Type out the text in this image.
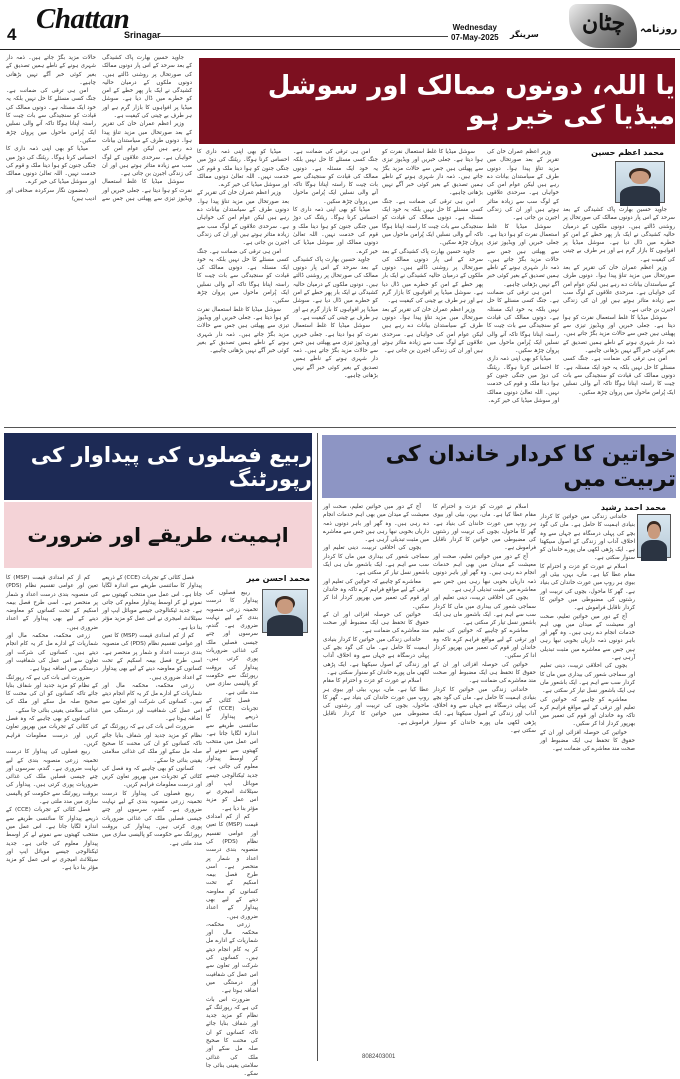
4 Chattan
Srinagar
Wednesday
07-May-2025 سرینگر چٹان روزنامہ
یا اللہ، دونوں ممالک اور سوشل میڈیا کی خیر ہو
محمد اعظم حسین

جاوید حسین بھارت پاک کشیدگی کے بعد سرحد کے اس پار دونوں ممالک کی صورتحال پر روشنی ڈالتے ہیں۔ دونوں ملکوں کے درمیان حالیہ کشیدگی نے ایک بار پھر خطے کے امن کو خطرے میں ڈال دیا ہے۔ سوشل میڈیا پر افواہوں کا بازار گرم ہے اور ہر طرف بے چینی کی کیفیت ہے۔

وزیر اعظم عمران خان کی تقریر کے بعد صورتحال میں مزید تناؤ پیدا ہوا۔ دونوں طرف کے سیاستدان بیانات دے رہے ہیں لیکن عوام امن کی خواہاں ہے۔ سرحدی علاقوں کے لوگ سب سے زیادہ متاثر ہوتے ہیں اور ان کی زندگی اجیرن بن جاتی ہے۔

سوشل میڈیا کا غلط استعمال نفرت کو ہوا دیتا ہے۔ جعلی خبریں اور ویڈیوز تیزی سے پھیلتی ہیں جس سے حالات مزید بگڑ جاتے ہیں۔ ذمہ دار شہری ہونے کے ناطے ہمیں تصدیق کے بغیر کوئی خبر آگے نہیں بڑھانی چاہیے۔

امن ہی ترقی کی ضمانت ہے۔ جنگ کسی مسئلے کا حل نہیں بلکہ یہ خود ایک مسئلہ ہے۔ دونوں ممالک کی قیادت کو سنجیدگی سے بات چیت کا راستہ اپنانا ہوگا تاکہ آنے والی نسلیں ایک پُرامن ماحول میں پروان چڑھ سکیں۔

وزیر اعظم عمران خان کی تقریر کے بعد صورتحال میں مزید تناؤ پیدا ہوا۔ دونوں طرف کے سیاستدان بیانات دے رہے ہیں لیکن عوام امن کی خواہاں ہے۔ سرحدی علاقوں کے لوگ سب سے زیادہ متاثر ہوتے ہیں اور ان کی زندگی اجیرن بن جاتی ہے۔

سوشل میڈیا کا غلط استعمال نفرت کو ہوا دیتا ہے۔ جعلی خبریں اور ویڈیوز تیزی سے پھیلتی ہیں جس سے حالات مزید بگڑ جاتے ہیں۔ ذمہ دار شہری ہونے کے ناطے ہمیں تصدیق کے بغیر کوئی خبر آگے نہیں بڑھانی چاہیے۔

امن ہی ترقی کی ضمانت ہے۔ جنگ کسی مسئلے کا حل نہیں بلکہ یہ خود ایک مسئلہ ہے۔ دونوں ممالک کی قیادت کو سنجیدگی سے بات چیت کا راستہ اپنانا ہوگا تاکہ آنے والی نسلیں ایک پُرامن ماحول میں پروان چڑھ سکیں۔

میڈیا کو بھی اپنی ذمہ داری کا احساس کرنا ہوگا۔ ریٹنگ کی دوڑ میں جنگی جنون کو ہوا دینا ملک و قوم کی خدمت نہیں۔ اللہ تعالیٰ دونوں ممالک اور سوشل میڈیا کی خیر کرے۔

سوشل میڈیا کا غلط استعمال نفرت کو ہوا دیتا ہے۔ جعلی خبریں اور ویڈیوز تیزی سے پھیلتی ہیں جس سے حالات مزید بگڑ جاتے ہیں۔ ذمہ دار شہری ہونے کے ناطے ہمیں تصدیق کے بغیر کوئی خبر آگے نہیں بڑھانی چاہیے۔

امن ہی ترقی کی ضمانت ہے۔ جنگ کسی مسئلے کا حل نہیں بلکہ یہ خود ایک مسئلہ ہے۔ دونوں ممالک کی قیادت کو سنجیدگی سے بات چیت کا راستہ اپنانا ہوگا تاکہ آنے والی نسلیں ایک پُرامن ماحول میں پروان چڑھ سکیں۔

جاوید حسین بھارت پاک کشیدگی کے بعد سرحد کے اس پار دونوں ممالک کی صورتحال پر روشنی ڈالتے ہیں۔ دونوں ملکوں کے درمیان حالیہ کشیدگی نے ایک بار پھر خطے کے امن کو خطرے میں ڈال دیا ہے۔ سوشل میڈیا پر افواہوں کا بازار گرم ہے اور ہر طرف بے چینی کی کیفیت ہے۔

وزیر اعظم عمران خان کی تقریر کے بعد صورتحال میں مزید تناؤ پیدا ہوا۔ دونوں طرف کے سیاستدان بیانات دے رہے ہیں لیکن عوام امن کی خواہاں ہے۔ سرحدی علاقوں کے لوگ سب سے زیادہ متاثر ہوتے ہیں اور ان کی زندگی اجیرن بن جاتی ہے۔

امن ہی ترقی کی ضمانت ہے۔ جنگ کسی مسئلے کا حل نہیں بلکہ یہ خود ایک مسئلہ ہے۔ دونوں ممالک کی قیادت کو سنجیدگی سے بات چیت کا راستہ اپنانا ہوگا تاکہ آنے والی نسلیں ایک پُرامن ماحول میں پروان چڑھ سکیں۔

میڈیا کو بھی اپنی ذمہ داری کا احساس کرنا ہوگا۔ ریٹنگ کی دوڑ میں جنگی جنون کو ہوا دینا ملک و قوم کی خدمت نہیں۔ اللہ تعالیٰ دونوں ممالک اور سوشل میڈیا کی خیر کرے۔

جاوید حسین بھارت پاک کشیدگی کے بعد سرحد کے اس پار دونوں ممالک کی صورتحال پر روشنی ڈالتے ہیں۔ دونوں ملکوں کے درمیان حالیہ کشیدگی نے ایک بار پھر خطے کے امن کو خطرے میں ڈال دیا ہے۔ سوشل میڈیا پر افواہوں کا بازار گرم ہے اور ہر طرف بے چینی کی کیفیت ہے۔

سوشل میڈیا کا غلط استعمال نفرت کو ہوا دیتا ہے۔ جعلی خبریں اور ویڈیوز تیزی سے پھیلتی ہیں جس سے حالات مزید بگڑ جاتے ہیں۔ ذمہ دار شہری ہونے کے ناطے ہمیں تصدیق کے بغیر کوئی خبر آگے نہیں بڑھانی چاہیے۔

میڈیا کو بھی اپنی ذمہ داری کا احساس کرنا ہوگا۔ ریٹنگ کی دوڑ میں جنگی جنون کو ہوا دینا ملک و قوم کی خدمت نہیں۔ اللہ تعالیٰ دونوں ممالک اور سوشل میڈیا کی خیر کرے۔

وزیر اعظم عمران خان کی تقریر کے بعد صورتحال میں مزید تناؤ پیدا ہوا۔ دونوں طرف کے سیاستدان بیانات دے رہے ہیں لیکن عوام امن کی خواہاں ہے۔ سرحدی علاقوں کے لوگ سب سے زیادہ متاثر ہوتے ہیں اور ان کی زندگی اجیرن بن جاتی ہے۔

امن ہی ترقی کی ضمانت ہے۔ جنگ کسی مسئلے کا حل نہیں بلکہ یہ خود ایک مسئلہ ہے۔ دونوں ممالک کی قیادت کو سنجیدگی سے بات چیت کا راستہ اپنانا ہوگا تاکہ آنے والی نسلیں ایک پُرامن ماحول میں پروان چڑھ سکیں۔

سوشل میڈیا کا غلط استعمال نفرت کو ہوا دیتا ہے۔ جعلی خبریں اور ویڈیوز تیزی سے پھیلتی ہیں جس سے حالات مزید بگڑ جاتے ہیں۔ ذمہ دار شہری ہونے کے ناطے ہمیں تصدیق کے بغیر کوئی خبر آگے نہیں بڑھانی چاہیے۔

جاوید حسین بھارت پاک کشیدگی کے بعد سرحد کے اس پار دونوں ممالک کی صورتحال پر روشنی ڈالتے ہیں۔ دونوں ملکوں کے درمیان حالیہ کشیدگی نے ایک بار پھر خطے کے امن کو خطرے میں ڈال دیا ہے۔ سوشل میڈیا پر افواہوں کا بازار گرم ہے اور ہر طرف بے چینی کی کیفیت ہے۔

وزیر اعظم عمران خان کی تقریر کے بعد صورتحال میں مزید تناؤ پیدا ہوا۔ دونوں طرف کے سیاستدان بیانات دے رہے ہیں لیکن عوام امن کی خواہاں ہے۔ سرحدی علاقوں کے لوگ سب سے زیادہ متاثر ہوتے ہیں اور ان کی زندگی اجیرن بن جاتی ہے۔

سوشل میڈیا کا غلط استعمال نفرت کو ہوا دیتا ہے۔ جعلی خبریں اور ویڈیوز تیزی سے پھیلتی ہیں جس سے حالات مزید بگڑ جاتے ہیں۔ ذمہ دار شہری ہونے کے ناطے ہمیں تصدیق کے بغیر کوئی خبر آگے نہیں بڑھانی چاہیے۔

امن ہی ترقی کی ضمانت ہے۔ جنگ کسی مسئلے کا حل نہیں بلکہ یہ خود ایک مسئلہ ہے۔ دونوں ممالک کی قیادت کو سنجیدگی سے بات چیت کا راستہ اپنانا ہوگا تاکہ آنے والی نسلیں ایک پُرامن ماحول میں پروان چڑھ سکیں۔

میڈیا کو بھی اپنی ذمہ داری کا احساس کرنا ہوگا۔ ریٹنگ کی دوڑ میں جنگی جنون کو ہوا دینا ملک و قوم کی خدمت نہیں۔ اللہ تعالیٰ دونوں ممالک اور سوشل میڈیا کی خیر کرے۔

(مضمون نگار سرکردہ صحافی اور ادیب ہیں)

خواتین کا کردار خاندان کی تربیت میں
محمد احمد رشید

خاندانی زندگی میں خواتین کا کردار بنیادی اہمیت کا حامل ہے۔ ماں کی گود بچے کی پہلی درسگاہ ہے جہاں سے وہ اخلاق، آداب اور زندگی کے اصول سیکھتا ہے۔ ایک پڑھی لکھی ماں پورے خاندان کو سنوار سکتی ہے۔

اسلام نے عورت کو عزت و احترام کا مقام عطا کیا ہے۔ ماں، بہن، بیٹی اور بیوی ہر روپ میں عورت خاندان کی بنیاد ہے۔ گھر کا ماحول، بچوں کی تربیت اور رشتوں کی مضبوطی میں خواتین کا کردار ناقابل فراموش ہے۔

آج کے دور میں خواتین تعلیم، صحت اور معیشت کے میدان میں بھی اہم خدمات انجام دے رہی ہیں۔ وہ گھر اور باہر دونوں ذمہ داریاں بخوبی نبھا رہی ہیں جس سے معاشرے میں مثبت تبدیلی آرہی ہے۔

بچوں کی اخلاقی تربیت، دینی تعلیم اور سماجی شعور کی بیداری میں ماں کا کردار سب سے اہم ہے۔ ایک باشعور ماں ہی ایک باشعور نسل تیار کر سکتی ہے۔

معاشرے کو چاہیے کہ خواتین کی تعلیم اور ترقی کے لیے مواقع فراہم کرے تاکہ وہ خاندان اور قوم کی تعمیر میں بھرپور کردار ادا کر سکیں۔

خواتین کی حوصلہ افزائی اور ان کے حقوق کا تحفظ ہی ایک مضبوط اور صحت مند معاشرے کی ضمانت ہے۔

اسلام نے عورت کو عزت و احترام کا مقام عطا کیا ہے۔ ماں، بہن، بیٹی اور بیوی ہر روپ میں عورت خاندان کی بنیاد ہے۔ گھر کا ماحول، بچوں کی تربیت اور رشتوں کی مضبوطی میں خواتین کا کردار ناقابل فراموش ہے۔

آج کے دور میں خواتین تعلیم، صحت اور معیشت کے میدان میں بھی اہم خدمات انجام دے رہی ہیں۔ وہ گھر اور باہر دونوں ذمہ داریاں بخوبی نبھا رہی ہیں جس سے معاشرے میں مثبت تبدیلی آرہی ہے۔

بچوں کی اخلاقی تربیت، دینی تعلیم اور سماجی شعور کی بیداری میں ماں کا کردار سب سے اہم ہے۔ ایک باشعور ماں ہی ایک باشعور نسل تیار کر سکتی ہے۔

معاشرے کو چاہیے کہ خواتین کی تعلیم اور ترقی کے لیے مواقع فراہم کرے تاکہ وہ خاندان اور قوم کی تعمیر میں بھرپور کردار ادا کر سکیں۔

خواتین کی حوصلہ افزائی اور ان کے حقوق کا تحفظ ہی ایک مضبوط اور صحت مند معاشرے کی ضمانت ہے۔

خاندانی زندگی میں خواتین کا کردار بنیادی اہمیت کا حامل ہے۔ ماں کی گود بچے کی پہلی درسگاہ ہے جہاں سے وہ اخلاق، آداب اور زندگی کے اصول سیکھتا ہے۔ ایک پڑھی لکھی ماں پورے خاندان کو سنوار سکتی ہے۔

آج کے دور میں خواتین تعلیم، صحت اور معیشت کے میدان میں بھی اہم خدمات انجام دے رہی ہیں۔ وہ گھر اور باہر دونوں ذمہ داریاں بخوبی نبھا رہی ہیں جس سے معاشرے میں مثبت تبدیلی آرہی ہے۔

بچوں کی اخلاقی تربیت، دینی تعلیم اور سماجی شعور کی بیداری میں ماں کا کردار سب سے اہم ہے۔ ایک باشعور ماں ہی ایک باشعور نسل تیار کر سکتی ہے۔

معاشرے کو چاہیے کہ خواتین کی تعلیم اور ترقی کے لیے مواقع فراہم کرے تاکہ وہ خاندان اور قوم کی تعمیر میں بھرپور کردار ادا کر سکیں۔

خواتین کی حوصلہ افزائی اور ان کے حقوق کا تحفظ ہی ایک مضبوط اور صحت مند معاشرے کی ضمانت ہے۔

خاندانی زندگی میں خواتین کا کردار بنیادی اہمیت کا حامل ہے۔ ماں کی گود بچے کی پہلی درسگاہ ہے جہاں سے وہ اخلاق، آداب اور زندگی کے اصول سیکھتا ہے۔ ایک پڑھی لکھی ماں پورے خاندان کو سنوار سکتی ہے۔

اسلام نے عورت کو عزت و احترام کا مقام عطا کیا ہے۔ ماں، بہن، بیٹی اور بیوی ہر روپ میں عورت خاندان کی بنیاد ہے۔ گھر کا ماحول، بچوں کی تربیت اور رشتوں کی مضبوطی میں خواتین کا کردار ناقابل فراموش ہے۔

ربیع فصلوں کی پیداوار کی رپورٹنگ
اہمیت، طریقے اور ضرورت
محمد احسن میر

ربیع فصلوں کی پیداوار کا درست تخمینہ زرعی منصوبہ بندی کے لیے نہایت ضروری ہے۔ گندم، سرسوں اور چنے جیسی فصلیں ملک کی غذائی ضروریات پوری کرتی ہیں۔ پیداوار کی بروقت رپورٹنگ سے حکومت کو پالیسی سازی میں مدد ملتی ہے۔

فصل کٹائی کے تجربات (CCE) کے ذریعے پیداوار کا سائنسی طریقے سے اندازہ لگایا جاتا ہے۔ اس عمل میں منتخب کھیتوں سے نمونے لے کر اوسط پیداوار معلوم کی جاتی ہے۔ جدید ٹیکنالوجی جیسے موبائل ایپ اور سیٹلائٹ امیجری نے اس عمل کو مزید مؤثر بنا دیا ہے۔

کم از کم امدادی قیمت (MSP) کا تعین اور عوامی تقسیم نظام (PDS) کی منصوبہ بندی درست اعداد و شمار پر منحصر ہے۔ اسی طرح فصل بیمہ اسکیم کے تحت کسانوں کو معاوضہ دینے کے لیے بھی پیداوار کے اعداد ضروری ہیں۔

زرعی محکمہ، محکمہ مال اور شماریات کے ادارے مل کر یہ کام انجام دیتے ہیں۔ کسانوں کی شرکت اور تعاون سے اس عمل کی شفافیت اور درستگی میں اضافہ ہوتا ہے۔

ضرورت اس بات کی ہے کہ رپورٹنگ کے نظام کو مزید جدید اور شفاف بنایا جائے تاکہ کسانوں کو ان کی محنت کا صحیح صلہ مل سکے اور ملک کی غذائی سلامتی یقینی بنائی جا سکے۔

فصل کٹائی کے تجربات (CCE) کے ذریعے پیداوار کا سائنسی طریقے سے اندازہ لگایا جاتا ہے۔ اس عمل میں منتخب کھیتوں سے نمونے لے کر اوسط پیداوار معلوم کی جاتی ہے۔ جدید ٹیکنالوجی جیسے موبائل ایپ اور سیٹلائٹ امیجری نے اس عمل کو مزید مؤثر بنا دیا ہے۔

کم از کم امدادی قیمت (MSP) کا تعین اور عوامی تقسیم نظام (PDS) کی منصوبہ بندی درست اعداد و شمار پر منحصر ہے۔ اسی طرح فصل بیمہ اسکیم کے تحت کسانوں کو معاوضہ دینے کے لیے بھی پیداوار کے اعداد ضروری ہیں۔

زرعی محکمہ، محکمہ مال اور شماریات کے ادارے مل کر یہ کام انجام دیتے ہیں۔ کسانوں کی شرکت اور تعاون سے اس عمل کی شفافیت اور درستگی میں اضافہ ہوتا ہے۔

ضرورت اس بات کی ہے کہ رپورٹنگ کے نظام کو مزید جدید اور شفاف بنایا جائے تاکہ کسانوں کو ان کی محنت کا صحیح صلہ مل سکے اور ملک کی غذائی سلامتی یقینی بنائی جا سکے۔

کسانوں کو بھی چاہیے کہ وہ فصل کی کٹائی کے تجربات میں بھرپور تعاون کریں اور درست معلومات فراہم کریں۔

ربیع فصلوں کی پیداوار کا درست تخمینہ زرعی منصوبہ بندی کے لیے نہایت ضروری ہے۔ گندم، سرسوں اور چنے جیسی فصلیں ملک کی غذائی ضروریات پوری کرتی ہیں۔ پیداوار کی بروقت رپورٹنگ سے حکومت کو پالیسی سازی میں مدد ملتی ہے۔

کم از کم امدادی قیمت (MSP) کا تعین اور عوامی تقسیم نظام (PDS) کی منصوبہ بندی درست اعداد و شمار پر منحصر ہے۔ اسی طرح فصل بیمہ اسکیم کے تحت کسانوں کو معاوضہ دینے کے لیے بھی پیداوار کے اعداد ضروری ہیں۔

زرعی محکمہ، محکمہ مال اور شماریات کے ادارے مل کر یہ کام انجام دیتے ہیں۔ کسانوں کی شرکت اور تعاون سے اس عمل کی شفافیت اور درستگی میں اضافہ ہوتا ہے۔

ضرورت اس بات کی ہے کہ رپورٹنگ کے نظام کو مزید جدید اور شفاف بنایا جائے تاکہ کسانوں کو ان کی محنت کا صحیح صلہ مل سکے اور ملک کی غذائی سلامتی یقینی بنائی جا سکے۔

کسانوں کو بھی چاہیے کہ وہ فصل کی کٹائی کے تجربات میں بھرپور تعاون کریں اور درست معلومات فراہم کریں۔

ربیع فصلوں کی پیداوار کا درست تخمینہ زرعی منصوبہ بندی کے لیے نہایت ضروری ہے۔ گندم، سرسوں اور چنے جیسی فصلیں ملک کی غذائی ضروریات پوری کرتی ہیں۔ پیداوار کی بروقت رپورٹنگ سے حکومت کو پالیسی سازی میں مدد ملتی ہے۔

فصل کٹائی کے تجربات (CCE) کے ذریعے پیداوار کا سائنسی طریقے سے اندازہ لگایا جاتا ہے۔ اس عمل میں منتخب کھیتوں سے نمونے لے کر اوسط پیداوار معلوم کی جاتی ہے۔ جدید ٹیکنالوجی جیسے موبائل ایپ اور سیٹلائٹ امیجری نے اس عمل کو مزید مؤثر بنا دیا ہے۔

8082403001
